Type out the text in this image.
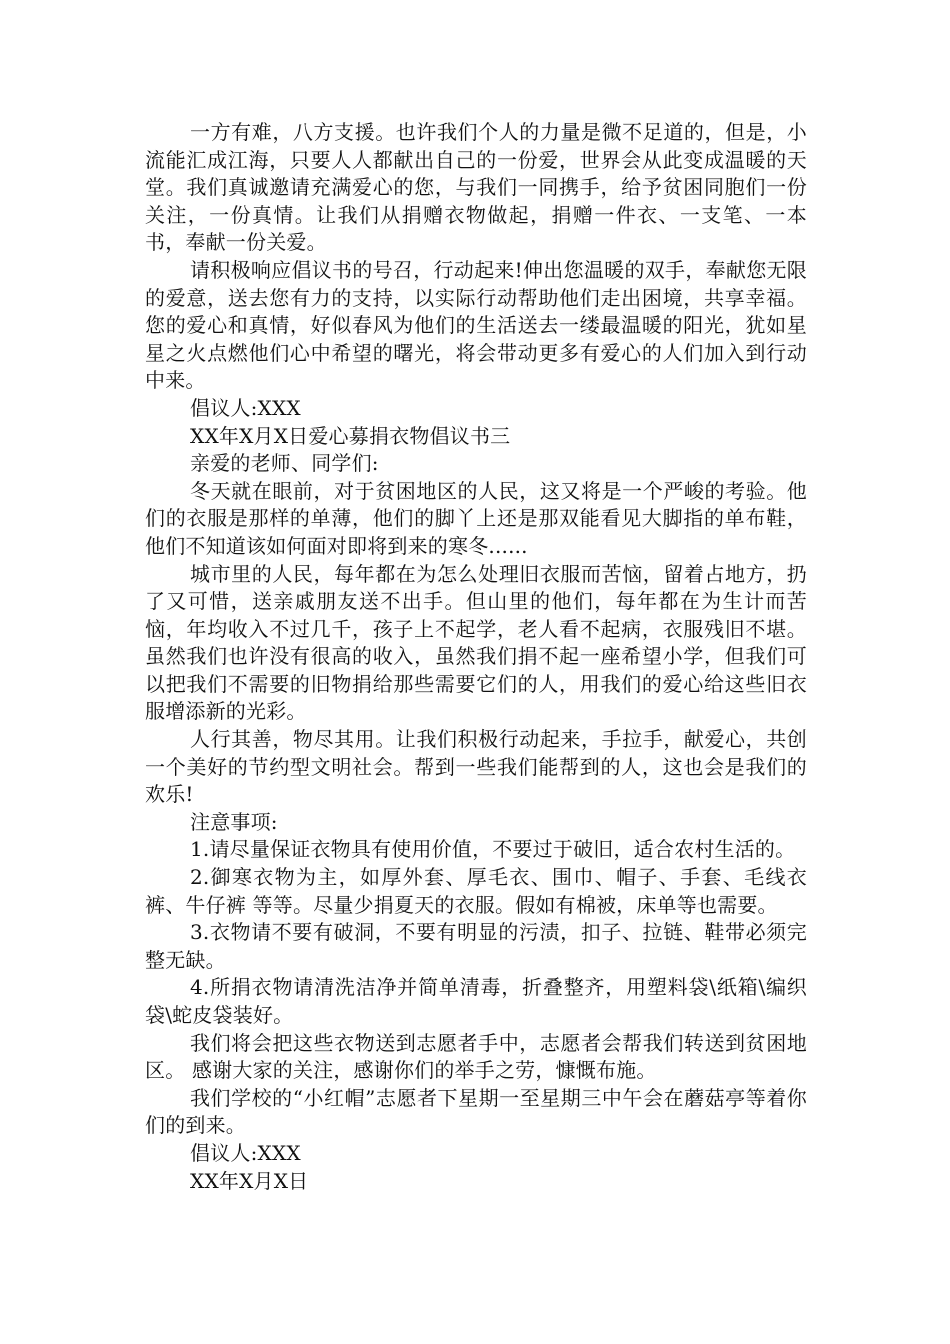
一方有难，八方支援。也许我们个人的力量是微不足道的，但是，小流能汇成江海，只要人人都献出自己的一份爱，世界会从此变成温暖的天堂。我们真诚邀请充满爱心的您，与我们一同携手，给予贫困同胞们一份关注，一份真情。让我们从捐赠衣物做起，捐赠一件衣、一支笔、一本书，奉献一份关爱。

请积极响应倡议书的号召，行动起来!伸出您温暖的双手，奉献您无限的爱意，送去您有力的支持，以实际行动帮助他们走出困境，共享幸福。您的爱心和真情，好似春风为他们的生活送去一缕最温暖的阳光，犹如星星之火点燃他们心中希望的曙光，将会带动更多有爱心的人们加入到行动中来。

倡议人:XXX

XX年X月X日爱心募捐衣物倡议书三

亲爱的老师、同学们:

冬天就在眼前，对于贫困地区的人民，这又将是一个严峻的考验。他们的衣服是那样的单薄，他们的脚丫上还是那双能看见大脚指的单布鞋，他们不知道该如何面对即将到来的寒冬......

城市里的人民，每年都在为怎么处理旧衣服而苦恼，留着占地方，扔了又可惜，送亲戚朋友送不出手。但山里的他们，每年都在为生计而苦恼，年均收入不过几千，孩子上不起学，老人看不起病，衣服残旧不堪。虽然我们也许没有很高的收入，虽然我们捐不起一座希望小学，但我们可以把我们不需要的旧物捐给那些需要它们的人，用我们的爱心给这些旧衣服增添新的光彩。

人行其善，物尽其用。让我们积极行动起来，手拉手，献爱心，共创一个美好的节约型文明社会。帮到一些我们能帮到的人，这也会是我们的欢乐!

注意事项:

1.请尽量保证衣物具有使用价值，不要过于破旧，适合农村生活的。

2.御寒衣物为主，如厚外套、厚毛衣、围巾、帽子、手套、毛线衣裤、牛仔裤 等等。尽量少捐夏天的衣服。假如有棉被，床单等也需要。

3.衣物请不要有破洞，不要有明显的污渍，扣子、拉链、鞋带必须完整无缺。

4.所捐衣物请清洗洁净并简单清毒，折叠整齐，用塑料袋\纸箱\编织袋\蛇皮袋装好。

我们将会把这些衣物送到志愿者手中，志愿者会帮我们转送到贫困地区。 感谢大家的关注，感谢你们的举手之劳，慷慨布施。

我们学校的“小红帽”志愿者下星期一至星期三中午会在蘑菇亭等着你们的到来。

倡议人:XXX

XX年X月X日
